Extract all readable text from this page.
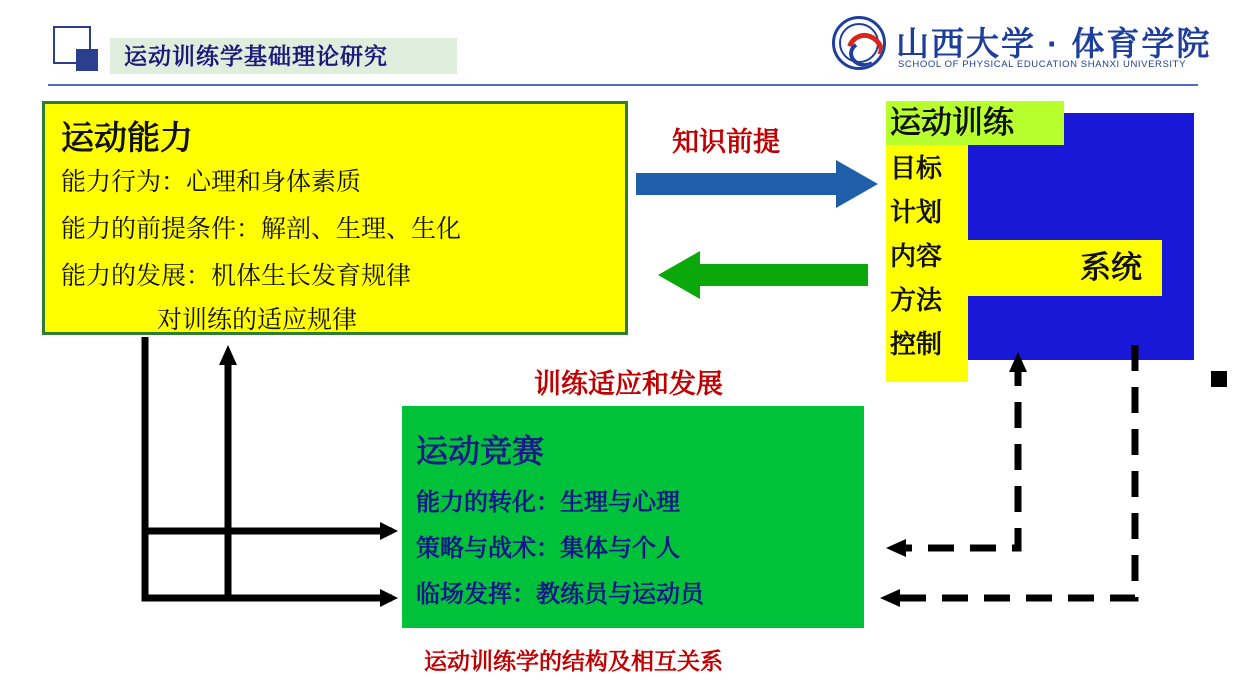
运动训练学基础理论研究	山西大学 · 体育学院
SCHOOL OF PHYSICAL EDUCATION SHANXI UNIVERSITY
运动能力
能力行为：心理和身体素质
能力的前提条件：解剖、生理、生化
能力的发展：机体生长发育规律
对训练的适应规律
运动竞赛
能力的转化：生理与心理
策略与战术：集体与个人
临场发挥：教练员与运动员
运动训练
目标
计划
内容
方法
控制
系统
知识前提
训练适应和发展
运动训练学的结构及相互关系
